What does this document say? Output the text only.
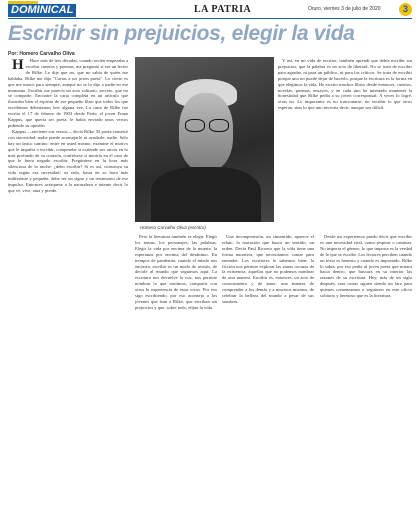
DOMINICAL	LA PATRIA	Oruro, viernes 3 de julio de 2020	3
Escribir sin prejuicios, elegir la vida
Por: Homero Carvalho Oliva

H Hace más de tres décadas, cuando recién empezaba a escribir cuentos y poemas, me preguntó si era un lector de Rilke. Le dije que no, que no sabía de quién me hablaba. Rilke me dijo "Cartas a un joven poeta". Lo cierto es que me marcó para siempre, aunque no se lo dije a nadie en ese momento. Escribir me parecía un acto solitario, secreto, que no se comparte. Encontré la carta completa en un artículo que ilustraba bien el espíritu de ese pequeño libro que todos los que escribimos deberíamos leer alguna vez. La carta de Rilke fue escrita el 17 de febrero de 1903 desde París; el joven Franz Kappus, que quería ser poeta, le había enviado unos versos pidiendo su opinión.

Kappus —envíeme sus versos— decía Rilke. El poeta contestó con sinceridad: nadie puede aconsejarle ni ayudarle, nadie. Sólo hay un único camino: entre en usted mismo, examine el motivo que le impulsa a escribir, compruebe si extiende sus raíces en lo más profundo de su corazón, confiésese si moriría en el caso de que le fuera negado escribir. Pregúntese en la hora más silenciosa de la noche: ¿debo escribir? Si es así, construya su vida según esa necesidad; su vida, hasta en su hora más indiferente y pequeña, debe ser un signo y un testimonio de ese impulso. Entonces acérquese a la naturaleza e intente decir lo que ve, vive, ama y pierde.

Homero Carvalho Oliva (escritor)

Y así, en mi vida de escritor, también aprendí que debía escribir sin prejuicios, que la palabra es un acto de libertad. No se trata de escribir para agradar, ni para un público, ni para los críticos. Se trata de escribir porque uno no puede dejar de hacerlo, porque la escritura es la forma en que elegimos la vida. He escrito muchos libros desde entonces, cuentos, novelas, poemas, ensayos, y en cada uno he intentado mantener la honestidad que Rilke pedía a su joven corresponsal. A veces lo logré, otras no. Lo importante es no traicionarse, no escribir lo que otros esperan, sino lo que uno necesita decir, aunque sea difícil.

Pero la literatura también es elegir. Elegir los temas, los personajes, las palabras. Elegir la vida por encima de la muerte, la esperanza por encima del desánimo. En tiempos de pandemia, cuando el miedo nos encierra, escribir es un modo de resistir, de decirle al mundo que seguimos aquí. La escritura nos devuelve la voz, nos permite nombrar lo que sentimos, compartir con otros la experiencia de estar vivos. Por eso sigo escribiendo, por eso aconsejo a los jóvenes que lean a Rilke, que escriban sin prejuicios y que, sobre todo, elijan la vida.

Una incomprensión, un sinsentido, aparece el relato, la narración que busca un sentido, un orden. Decía Paul Ricoeur que la vida tiene una forma narrativa, que necesitamos contar para entender. Los escritores lo sabemos bien: la ficción nos permite explorar las zonas oscuras de la existencia, aquellas que no podemos nombrar de otra manera. Escribir es, entonces, un acto de conocimiento y de amor, una manera de comprender a los demás y a nosotros mismos, de celebrar la belleza del mundo a pesar de sus sombras.

Desde mi experiencia puedo decir que escribir es una necesidad vital, como respirar o caminar. No importa el género, lo que importa es la verdad de lo que se escribe. Los lectores perciben cuando un texto es honesto y cuando es impostado. Rilke lo sabía, por eso pedía al joven poeta que mirara hacia dentro, que buscara en su interior las razones de su escritura. Hoy, más de un siglo después, esas cartas siguen siendo un faro para quienes comenzamos o seguimos en este oficio solitario y hermoso que es la literatura.
